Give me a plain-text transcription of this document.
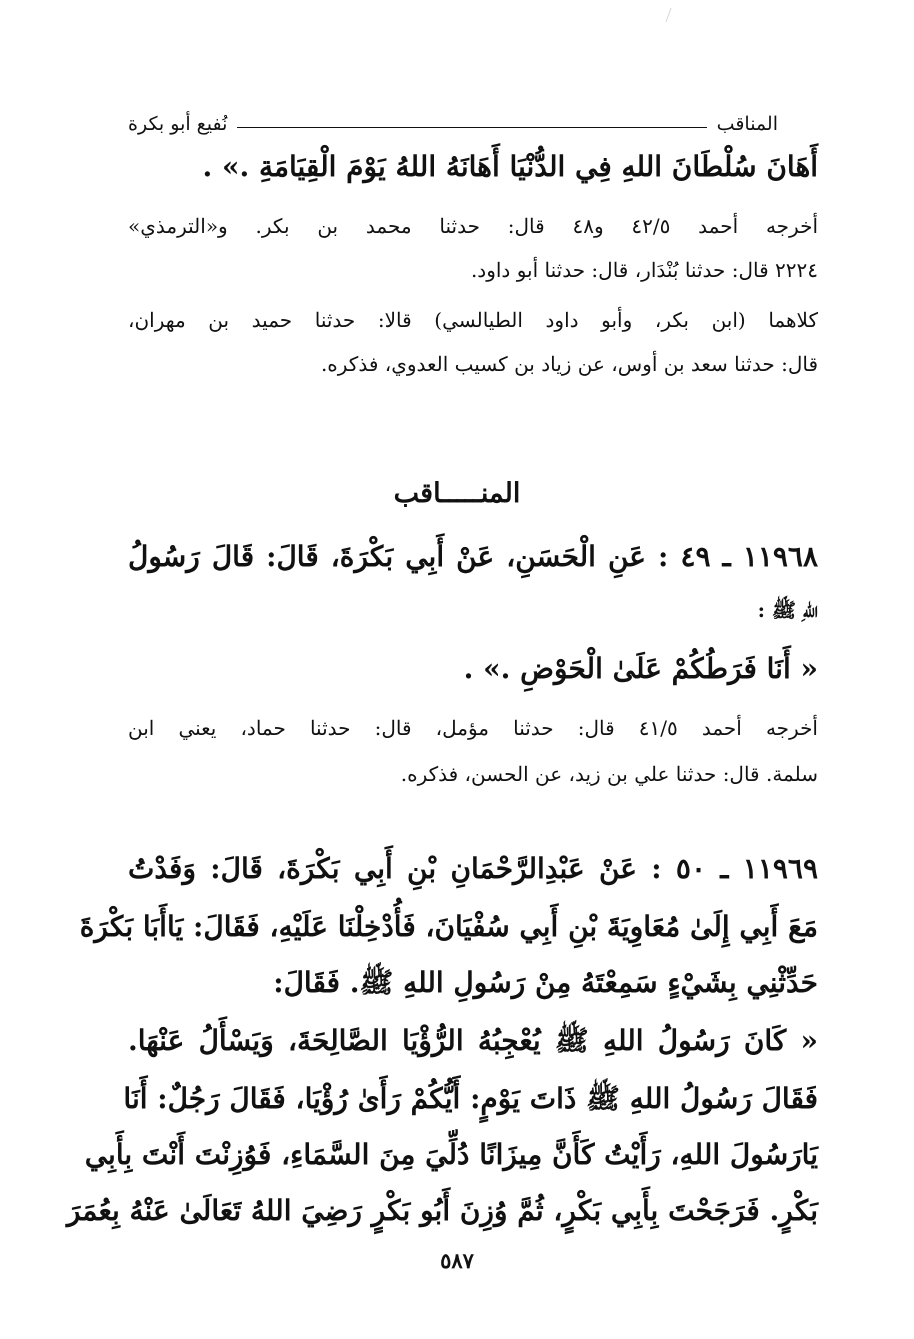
المناقب
نُفيع أبو بكرة
أَهَانَ سُلْطَانَ اللهِ فِي الدُّنْيَا أَهَانَهُ اللهُ يَوْمَ الْقِيَامَةِ .» .
أخرجه أحمد ٤٢/٥ و٤٨ قال: حدثنا محمد بن بكر. و«الترمذي»
٢٢٢٤ قال: حدثنا بُنْدَار، قال: حدثنا أبو داود.
كلاهما (ابن بكر، وأبو داود الطيالسي) قالا: حدثنا حميد بن مهران،
قال: حدثنا سعد بن أوس، عن زياد بن كسيب العدوي، فذكره.
المنـــــاقب
١١٩٦٨ ـ ٤٩ : عَنِ الْحَسَنِ، عَنْ أَبِي بَكْرَةَ، قَالَ: قَالَ رَسُولُ
اللهِ ﷺ :
« أَنَا فَرَطُكُمْ عَلَىٰ الْحَوْضِ .» .
أخرجه أحمد ٤١/٥ قال: حدثنا مؤمل، قال: حدثنا حماد، يعني ابن
سلمة. قال: حدثنا علي بن زيد، عن الحسن، فذكره.
١١٩٦٩ ـ ٥٠ : عَنْ عَبْدِالرَّحْمَانِ بْنِ أَبِي بَكْرَةَ، قَالَ: وَفَدْتُ
مَعَ أَبِي إِلَىٰ مُعَاوِيَةَ بْنِ أَبِي سُفْيَانَ، فَأُدْخِلْنَا عَلَيْهِ، فَقَالَ: يَاأَبَا بَكْرَةَ
حَدِّثْنِي بِشَيْءٍ سَمِعْتَهُ مِنْ رَسُولِ اللهِ ﷺ. فَقَالَ:
« كَانَ رَسُولُ اللهِ ﷺ يُعْجِبُهُ الرُّؤْيَا الصَّالِحَةَ، وَيَسْأَلُ عَنْهَا.
فَقَالَ رَسُولُ اللهِ ﷺ ذَاتَ يَوْمٍ: أَيُّكُمْ رَأَىٰ رُؤْيَا، فَقَالَ رَجُلٌ: أَنَا
يَارَسُولَ اللهِ، رَأَيْتُ كَأَنَّ مِيزَانًا دُلِّيَ مِنَ السَّمَاءِ، فَوُزِنْتَ أَنْتَ بِأَبِي
بَكْرٍ. فَرَجَحْتَ بِأَبِي بَكْرٍ، ثُمَّ وُزِنَ أَبُو بَكْرٍ رَضِيَ اللهُ تَعَالَىٰ عَنْهُ بِعُمَرَ
٥٨٧
